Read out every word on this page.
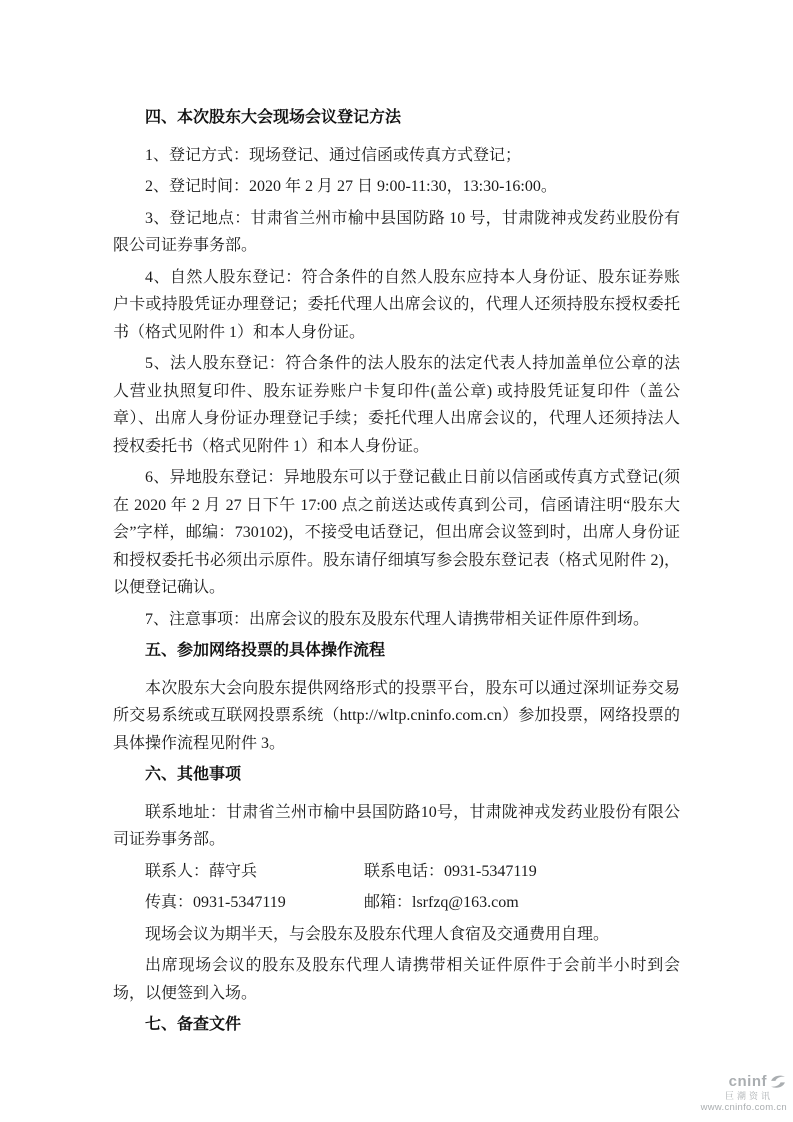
四、本次股东大会现场会议登记方法

1、登记方式：现场登记、通过信函或传真方式登记；

2、登记时间：2020 年 2 月 27 日 9:00-11:30，13:30-16:00。

3、登记地点：甘肃省兰州市榆中县国防路 10 号，甘肃陇神戎发药业股份有限公司证券事务部。

4、自然人股东登记：符合条件的自然人股东应持本人身份证、股东证券账户卡或持股凭证办理登记；委托代理人出席会议的，代理人还须持股东授权委托书（格式见附件 1）和本人身份证。

5、法人股东登记：符合条件的法人股东的法定代表人持加盖单位公章的法人营业执照复印件、股东证券账户卡复印件(盖公章) 或持股凭证复印件（盖公章）、出席人身份证办理登记手续；委托代理人出席会议的，代理人还须持法人授权委托书（格式见附件 1）和本人身份证。

6、异地股东登记：异地股东可以于登记截止日前以信函或传真方式登记(须在 2020 年 2 月 27 日下午 17:00 点之前送达或传真到公司，信函请注明“股东大会”字样，邮编：730102)，不接受电话登记，但出席会议签到时，出席人身份证和授权委托书必须出示原件。股东请仔细填写参会股东登记表（格式见附件 2)，以便登记确认。

7、注意事项：出席会议的股东及股东代理人请携带相关证件原件到场。

五、参加网络投票的具体操作流程

本次股东大会向股东提供网络形式的投票平台，股东可以通过深圳证券交易所交易系统或互联网投票系统（http://wltp.cninfo.com.cn）参加投票，网络投票的具体操作流程见附件 3。

六、其他事项

联系地址：甘肃省兰州市榆中县国防路10号，甘肃陇神戎发药业股份有限公司证券事务部。

联系人：薛守兵	联系电话：0931-5347119

传真：0931-5347119	邮箱：lsrfzq@163.com

现场会议为期半天，与会股东及股东代理人食宿及交通费用自理。

出席现场会议的股东及股东代理人请携带相关证件原件于会前半小时到会场，以便签到入场。

七、备查文件

cninf
巨潮资讯
www.cninfo.com.cn
